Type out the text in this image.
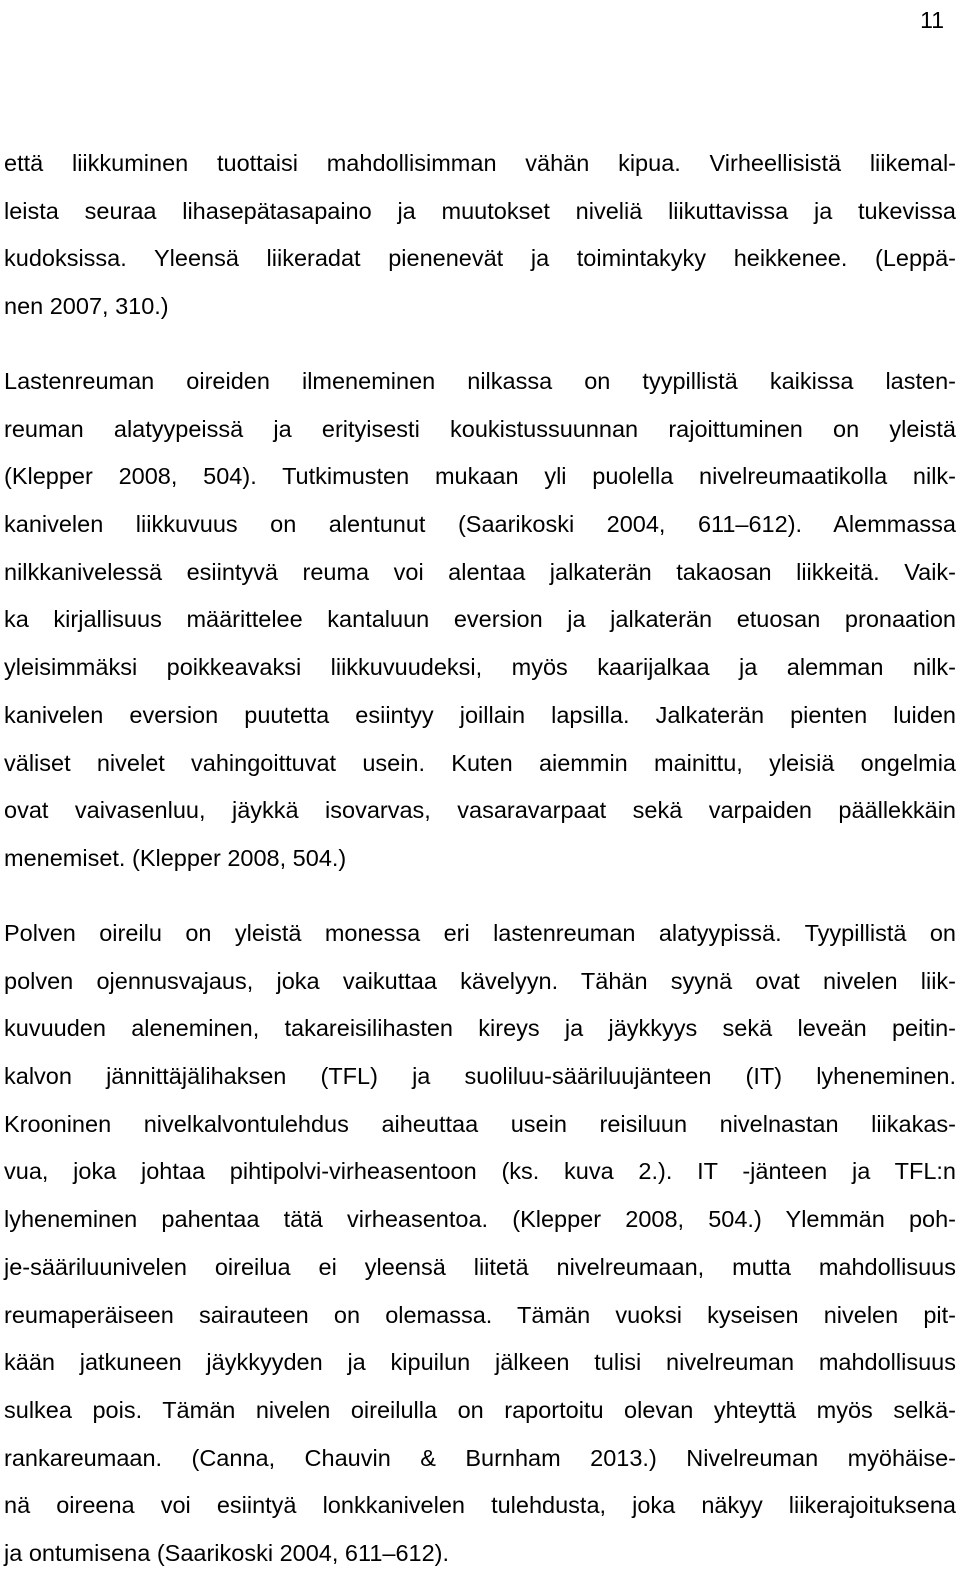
11
että liikkuminen tuottaisi mahdollisimman vähän kipua. Virheellisistä liikemal-
leista seuraa lihasepätasapaino ja muutokset niveliä liikuttavissa ja tukevissa
kudoksissa. Yleensä liikeradat pienenevät ja toimintakyky heikkenee. (Leppä-
nen 2007, 310.)
Lastenreuman oireiden ilmeneminen nilkassa on tyypillistä kaikissa lasten-
reuman alatyypeissä ja erityisesti koukistussuunnan rajoittuminen on yleistä
(Klepper 2008, 504). Tutkimusten mukaan yli puolella nivelreumaatikolla nilk-
kanivelen liikkuvuus on alentunut (Saarikoski 2004, 611–612). Alemmassa
nilkkanivelessä esiintyvä reuma voi alentaa jalkaterän takaosan liikkeitä. Vaik-
ka kirjallisuus määrittelee kantaluun eversion ja jalkaterän etuosan pronaation
yleisimmäksi poikkeavaksi liikkuvuudeksi, myös kaarijalkaa ja alemman nilk-
kanivelen eversion puutetta esiintyy joillain lapsilla. Jalkaterän pienten luiden
väliset nivelet vahingoittuvat usein. Kuten aiemmin mainittu, yleisiä ongelmia
ovat vaivasenluu, jäykkä isovarvas, vasaravarpaat sekä varpaiden päällekkäin
menemiset. (Klepper 2008, 504.)
Polven oireilu on yleistä monessa eri lastenreuman alatyypissä. Tyypillistä on
polven ojennusvajaus, joka vaikuttaa kävelyyn. Tähän syynä ovat nivelen liik-
kuvuuden aleneminen, takareisilihasten kireys ja jäykkyys sekä leveän peitin-
kalvon jännittäjälihaksen (TFL) ja suoliluu-sääriluujänteen (IT) lyheneminen.
Krooninen nivelkalvontulehdus aiheuttaa usein reisiluun nivelnastan liikakas-
vua, joka johtaa pihtipolvi-virheasentoon (ks. kuva 2.). IT -jänteen ja TFL:n
lyheneminen pahentaa tätä virheasentoa. (Klepper 2008, 504.) Ylemmän poh-
je-sääriluunivelen oireilua ei yleensä liitetä nivelreumaan, mutta mahdollisuus
reumaperäiseen sairauteen on olemassa. Tämän vuoksi kyseisen nivelen pit-
kään jatkuneen jäykkyyden ja kipuilun jälkeen tulisi nivelreuman mahdollisuus
sulkea pois. Tämän nivelen oireilulla on raportoitu olevan yhteyttä myös selkä-
rankareumaan. (Canna, Chauvin & Burnham 2013.) Nivelreuman myöhäise-
nä oireena voi esiintyä lonkkanivelen tulehdusta, joka näkyy liikerajoituksena
ja ontumisena (Saarikoski 2004, 611–612).
